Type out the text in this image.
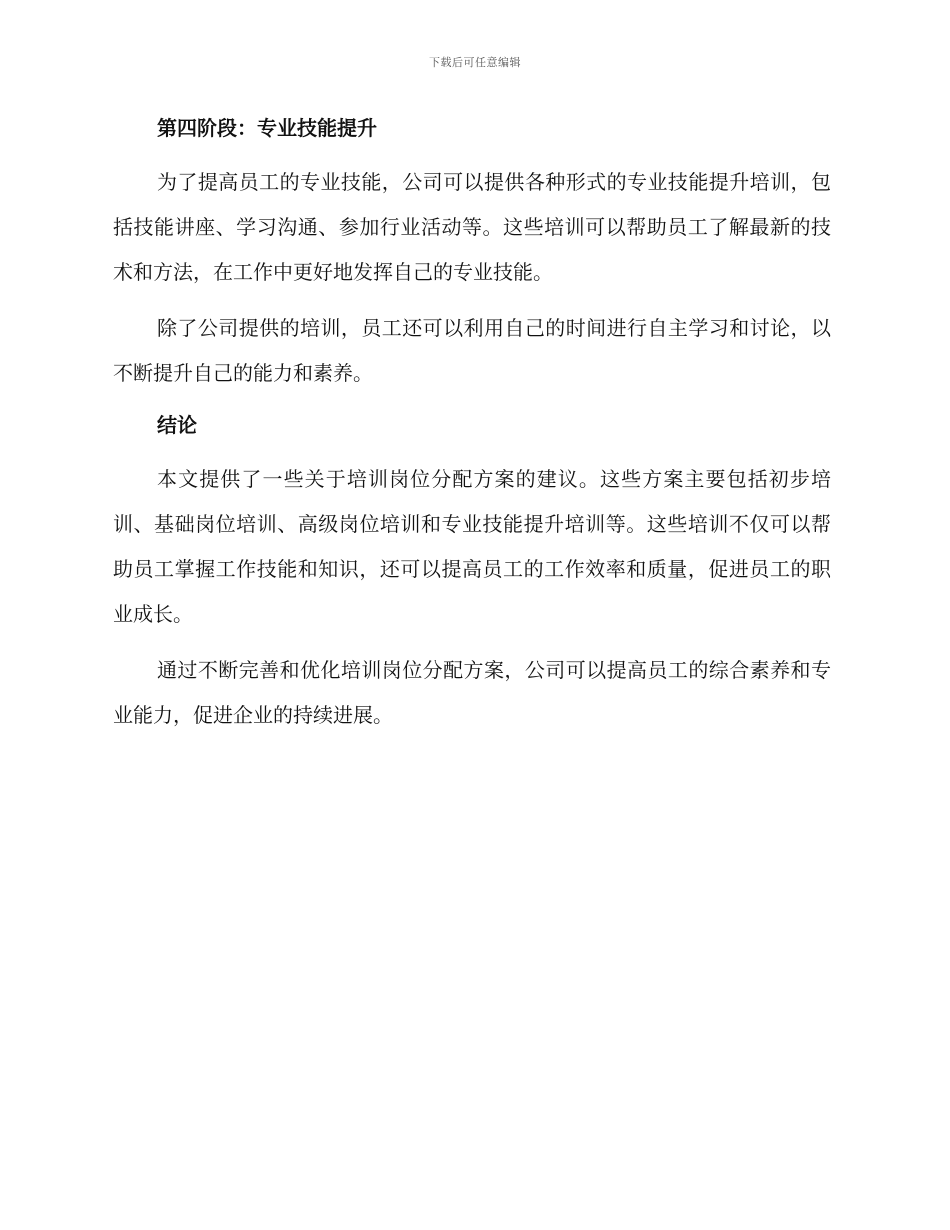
下载后可任意编辑
第四阶段：专业技能提升

为了提高员工的专业技能，公司可以提供各种形式的专业技能提升培训，包括技能讲座、学习沟通、参加行业活动等。这些培训可以帮助员工了解最新的技术和方法，在工作中更好地发挥自己的专业技能。

除了公司提供的培训，员工还可以利用自己的时间进行自主学习和讨论，以不断提升自己的能力和素养。

结论

本文提供了一些关于培训岗位分配方案的建议。这些方案主要包括初步培训、基础岗位培训、高级岗位培训和专业技能提升培训等。这些培训不仅可以帮助员工掌握工作技能和知识，还可以提高员工的工作效率和质量，促进员工的职业成长。

通过不断完善和优化培训岗位分配方案，公司可以提高员工的综合素养和专业能力，促进企业的持续进展。
